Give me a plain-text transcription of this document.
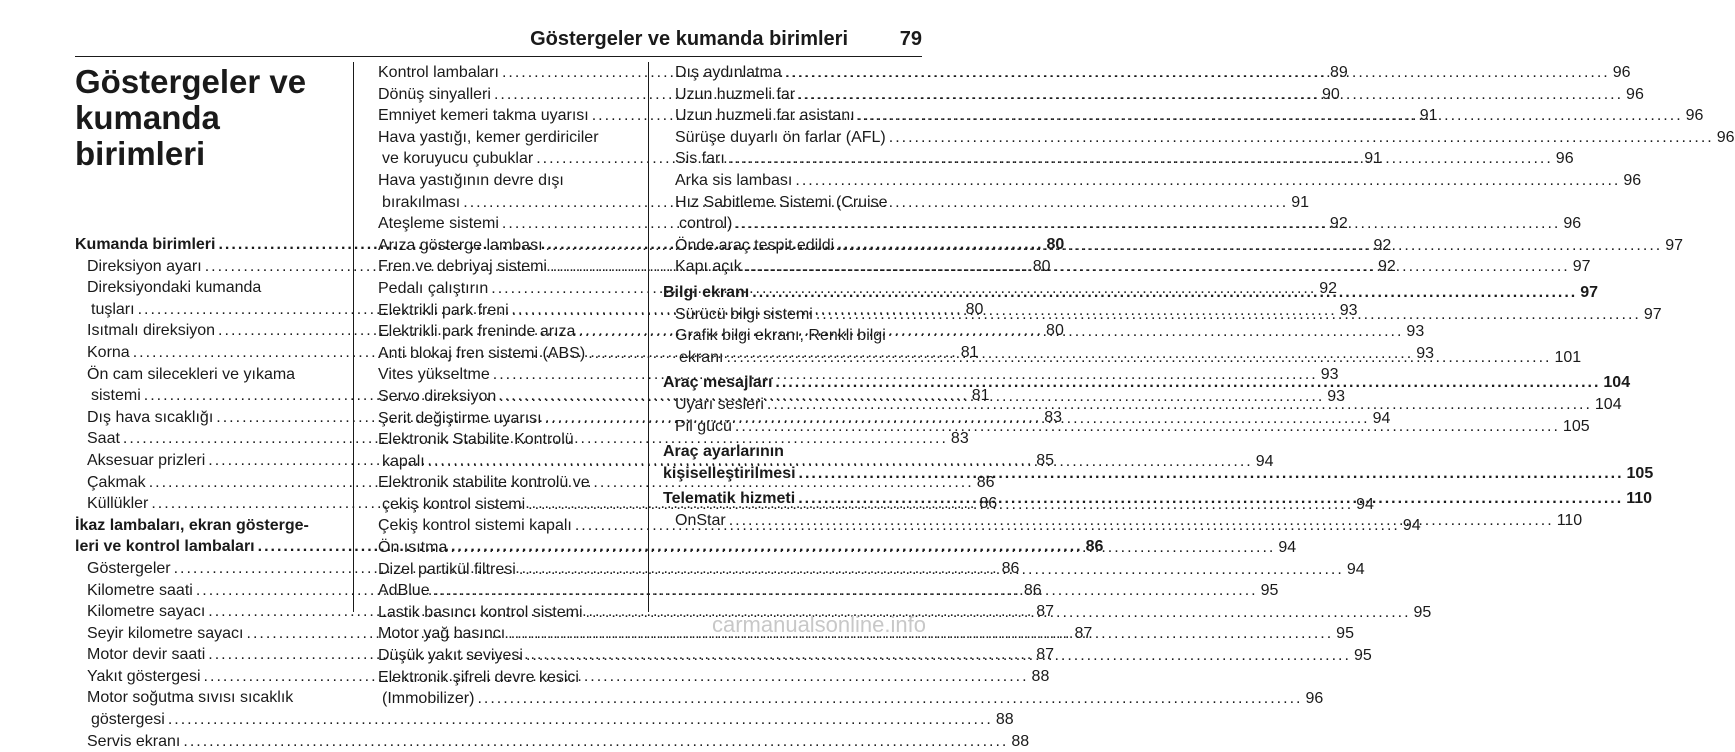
Göstergeler ve kumanda birimleri	79
Göstergeler ve
kumanda birimleri
Kumanda birimleri .....	80
Direksiyon ayarı .....	80
Direksiyondaki kumanda
tuşları .....	80
Isıtmalı direksiyon .....	80
Korna .....	81
Ön cam silecekleri ve yıkama
sistemi .....	81
Dış hava sıcaklığı .....	83
Saat .....	83
Aksesuar prizleri .....	85
Çakmak .....	86
Küllükler .....	86
İkaz lambaları, ekran gösterge-
leri ve kontrol lambaları .....	86
Göstergeler .....	86
Kilometre saati .....	86
Kilometre sayacı .....	87
Seyir kilometre sayacı .....	87
Motor devir saati .....	87
Yakıt göstergesi .....	88
Motor soğutma sıvısı sıcaklık
göstergesi .....	88
Servis ekranı .....	88
Kontrol lambaları .....	89
Dönüş sinyalleri .....	90
Emniyet kemeri takma uyarısı .....	91
Hava yastığı, kemer gerdiriciler
ve koruyucu çubuklar .....	91
Hava yastığının devre dışı
bırakılması .....	91
Ateşleme sistemi .....	92
Arıza gösterge lambası .....	92
Fren ve debriyaj sistemi .....	92
Pedalı çalıştırın .....	92
Elektrikli park freni .....	93
Elektrikli park freninde arıza .....	93
Anti blokaj fren sistemi (ABS) .....	93
Vites yükseltme .....	93
Servo direksiyon .....	93
Şerit değiştirme uyarısı .....	94
Elektronik Stabilite Kontrolü
kapalı .....	94
Elektronik stabilite kontrolü ve
çekiş kontrol sistemi .....	94
Çekiş kontrol sistemi kapalı .....	94
Ön ısıtma .....	94
Dizel partikül filtresi .....	94
AdBlue .....	95
Lastik basıncı kontrol sistemi .....	95
Motor yağ basıncı .....	95
Düşük yakıt seviyesi .....	95
Elektronik şifreli devre kesici
(Immobilizer) .....	96
Dış aydınlatma .....	96
Uzun huzmeli far .....	96
Uzun huzmeli far asistanı .....	96
Sürüşe duyarlı ön farlar (AFL) .....	96
Sis farı .....	96
Arka sis lambası .....	96
Hız Sabitleme Sistemi (Cruise
control) .....	96
Önde araç tespit edildi .....	97
Kapı açık .....	97
Bilgi ekranı .....	97
Sürücü bilgi sistemi .....	97
Grafik bilgi ekranı, Renkli bilgi
ekranı .....	101
Araç mesajları .....	104
Uyarı sesleri .....	104
Pil gücü .....	105
Araç ayarlarının
kişiselleştirilmesi .....	105
Telematik hizmeti .....	110
OnStar .....	110
carmanualsonline.info
